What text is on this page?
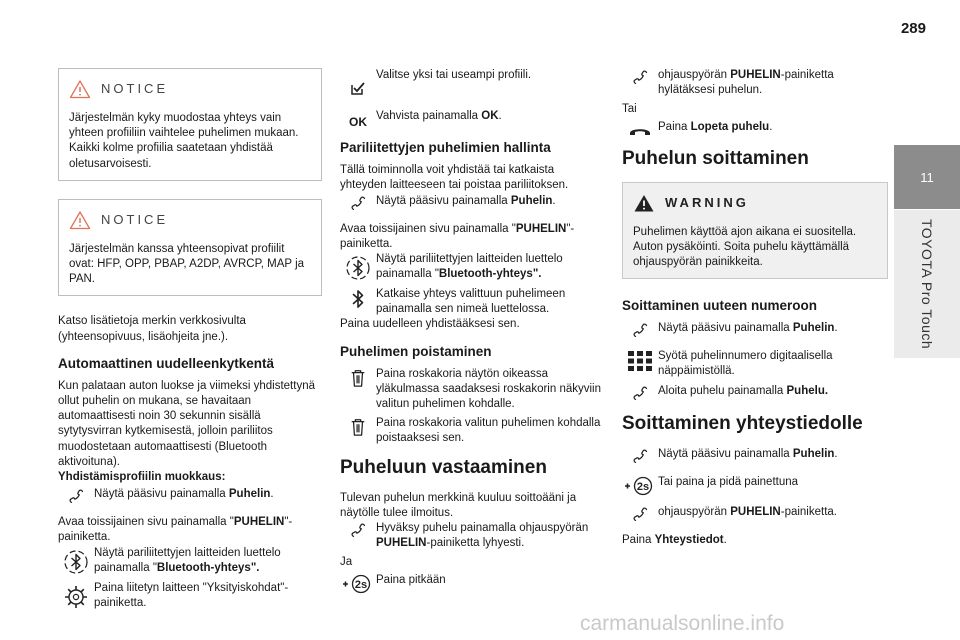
289
NOTICE
Järjestelmän kyky muodostaa yhteys vain yhteen profiiliin vaihtelee puhelimen mukaan. Kaikki kolme profiilia saatetaan yhdistää oletusarvoisesti.
NOTICE
Järjestelmän kanssa yhteensopivat profiilit ovat: HFP, OPP, PBAP, A2DP, AVRCP, MAP ja PAN.

Katso lisätietoja merkin verkkosivulta (yhteensopivuus, lisäohjeita jne.).

Automaattinen uudelleenkytkentä

Kun palataan auton luokse ja viimeksi yhdistettynä ollut puhelin on mukana, se havaitaan automaattisesti noin 30 sekunnin sisällä sytytysvirran kytkemisestä, jolloin pariliitos muodostetaan automaattisesti (Bluetooth aktivoituna).

Yhdistämisprofiilin muokkaus:
Näytä pääsivu painamalla Puhelin.

Avaa toissijainen sivu painamalla "PUHELIN"-painiketta.

Näytä pariliitettyjen laitteiden luettelo painamalla "Bluetooth-yhteys".
Paina liitetyn laitteen "Yksityiskohdat"-painiketta.
Valitse yksi tai useampi profiili.
OK Vahvista painamalla OK.
Pariliitettyjen puhelimien hallinta

Tällä toiminnolla voit yhdistää tai katkaista yhteyden laitteeseen tai poistaa pariliitoksen.

Näytä pääsivu painamalla Puhelin.

Avaa toissijainen sivu painamalla "PUHELIN"-painiketta.

Näytä pariliitettyjen laitteiden luettelo painamalla "Bluetooth-yhteys".
Katkaise yhteys valittuun puhelimeen painamalla sen nimeä luettelossa.

Paina uudelleen yhdistääksesi sen.

Puhelimen poistaminen
Paina roskakoria näytön oikeassa yläkulmassa saadaksesi roskakorin näkyviin valitun puhelimen kohdalle.
Paina roskakoria valitun puhelimen kohdalla poistaaksesi sen.
Puheluun vastaaminen

Tulevan puhelun merkkinä kuuluu soittoääni ja näytölle tulee ilmoitus.

Hyväksy puhelu painamalla ohjauspyörän PUHELIN-painiketta lyhyesti.
Ja
Paina pitkään
ohjauspyörän PUHELIN-painiketta hylätäksesi puhelun.
Tai
Paina Lopeta puhelu.
Puhelun soittaminen
WARNING
Puhelimen käyttöä ajon aikana ei suositella. Auton pysäköinti. Soita puhelu käyttämällä ohjauspyörän painikkeita.
Soittaminen uuteen numeroon
Näytä pääsivu painamalla Puhelin.
Syötä puhelinnumero digitaalisella näppäimistöllä.
Aloita puhelu painamalla Puhelu.
Soittaminen yhteystiedolle
Näytä pääsivu painamalla Puhelin.
Tai paina ja pidä painettuna
ohjauspyörän PUHELIN-painiketta.

Paina Yhteystiedot.

11
TOYOTA Pro Touch
carmanualsonline.info
